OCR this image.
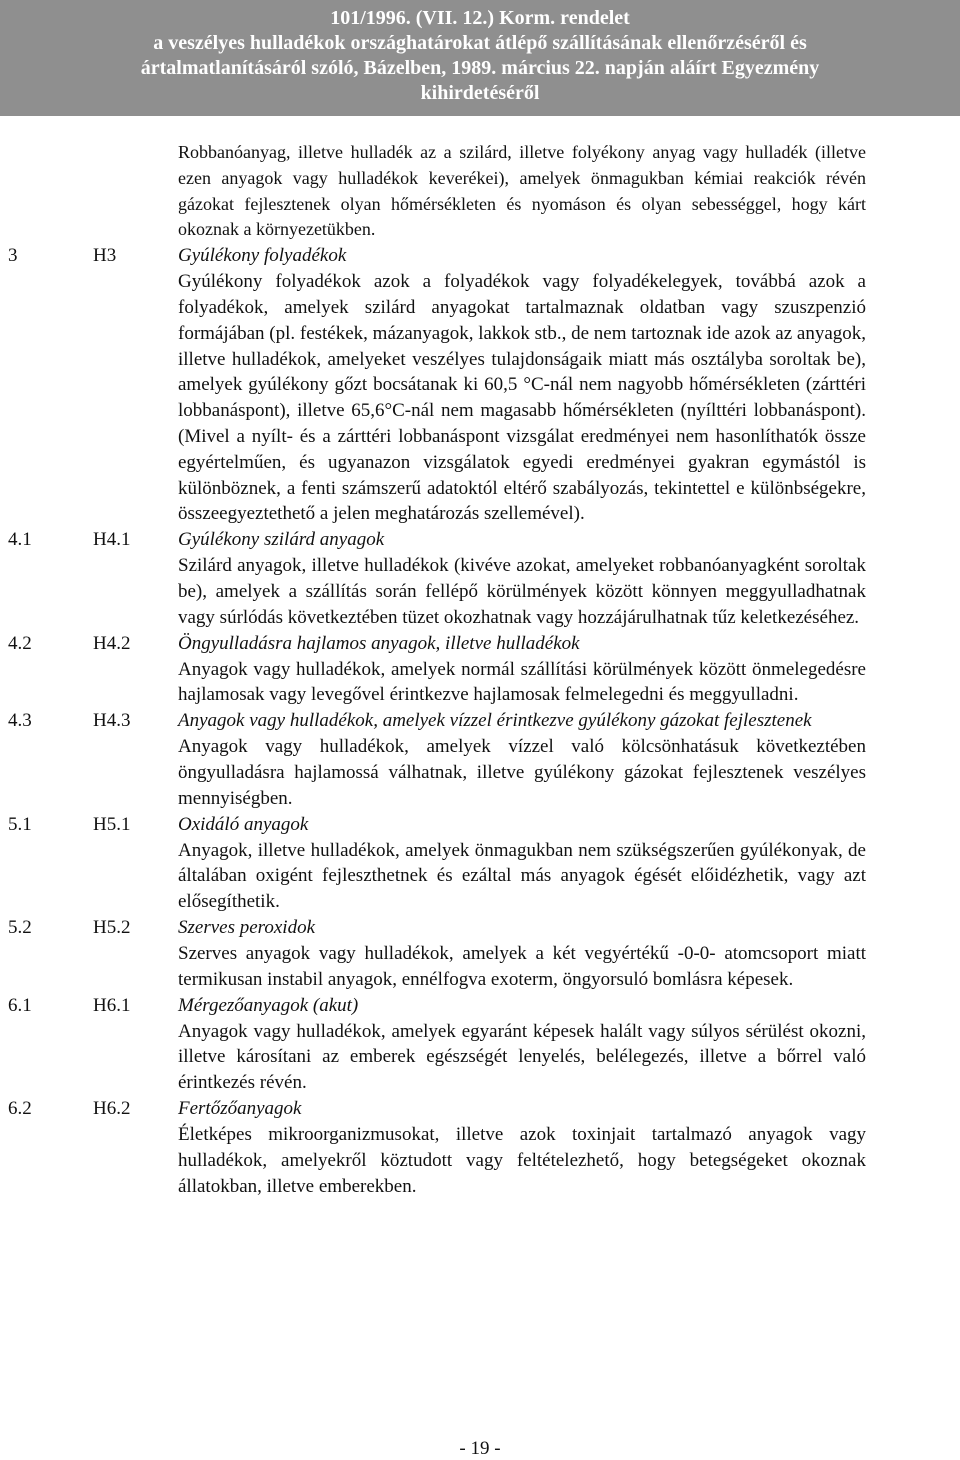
101/1996. (VII. 12.) Korm. rendelet
a veszélyes hulladékok országhatárokat átlépő szállításának ellenőrzéséről és
ártalmatlanításáról szóló, Bázelben, 1989. március 22. napján aláírt Egyezmény
kihirdetéséről
Robbanóanyag, illetve hulladék az a szilárd, illetve folyékony anyag vagy hulladék (illetve ezen anyagok vagy hulladékok keverékei), amelyek önmagukban kémiai reakciók révén gázokat fejlesztenek olyan hőmérsékleten és nyomáson és olyan sebességgel, hogy kárt okoznak a környezetükben.
3	H3	Gyúlékony folyadékok
Gyúlékony folyadékok azok a folyadékok vagy folyadékelegyek, továbbá azok a folyadékok, amelyek szilárd anyagokat tartalmaznak oldatban vagy szuszpenzió formájában (pl. festékek, mázanyagok, lakkok stb., de nem tartoznak ide azok az anyagok, illetve hulladékok, amelyeket veszélyes tulajdonságaik miatt más osztályba soroltak be), amelyek gyúlékony gőzt bocsátanak ki 60,5 °C-nál nem nagyobb hőmérsékleten (zárttéri lobbanáspont), illetve 65,6°C-nál nem magasabb hőmérsékleten (nyílttéri lobbanáspont). (Mivel a nyílt- és a zárttéri lobbanáspont vizsgálat eredményei nem hasonlíthatók össze egyértelműen, és ugyanazon vizsgálatok egyedi eredményei gyakran egymástól is különböznek, a fenti számszerű adatoktól eltérő szabályozás, tekintettel e különbségekre, összeegyeztethető a jelen meghatározás szellemével).
4.1	H4.1	Gyúlékony szilárd anyagok
Szilárd anyagok, illetve hulladékok (kivéve azokat, amelyeket robbanóanyagként soroltak be), amelyek a szállítás során fellépő körülmények között könnyen meggyulladhatnak vagy súrlódás következtében tüzet okozhatnak vagy hozzájárulhatnak tűz keletkezéséhez.
4.2	H4.2	Öngyulladásra hajlamos anyagok, illetve hulladékok
Anyagok vagy hulladékok, amelyek normál szállítási körülmények között önmelegedésre hajlamosak vagy levegővel érintkezve hajlamosak felmelegedni és meggyulladni.
4.3	H4.3	Anyagok vagy hulladékok, amelyek vízzel érintkezve gyúlékony gázokat fejlesztenek
Anyagok vagy hulladékok, amelyek vízzel való kölcsönhatásuk következtében öngyulladásra hajlamossá válhatnak, illetve gyúlékony gázokat fejlesztenek veszélyes mennyiségben.
5.1	H5.1	Oxidáló anyagok
Anyagok, illetve hulladékok, amelyek önmagukban nem szükségszerűen gyúlékonyak, de általában oxigént fejleszthetnek és ezáltal más anyagok égését előidézhetik, vagy azt elősegíthetik.
5.2	H5.2	Szerves peroxidok
Szerves anyagok vagy hulladékok, amelyek a két vegyértékű -0-0- atomcsoport miatt termikusan instabil anyagok, ennélfogva exoterm, öngyorsuló bomlásra képesek.
6.1	H6.1	Mérgezőanyagok (akut)
Anyagok vagy hulladékok, amelyek egyaránt képesek halált vagy súlyos sérülést okozni, illetve károsítani az emberek egészségét lenyelés, belélegezés, illetve a bőrrel való érintkezés révén.
6.2	H6.2	Fertőzőanyagok
Életképes mikroorganizmusokat, illetve azok toxinjait tartalmazó anyagok vagy hulladékok, amelyekről köztudott vagy feltételezhető, hogy betegségeket okoznak állatokban, illetve emberekben.
- 19 -
